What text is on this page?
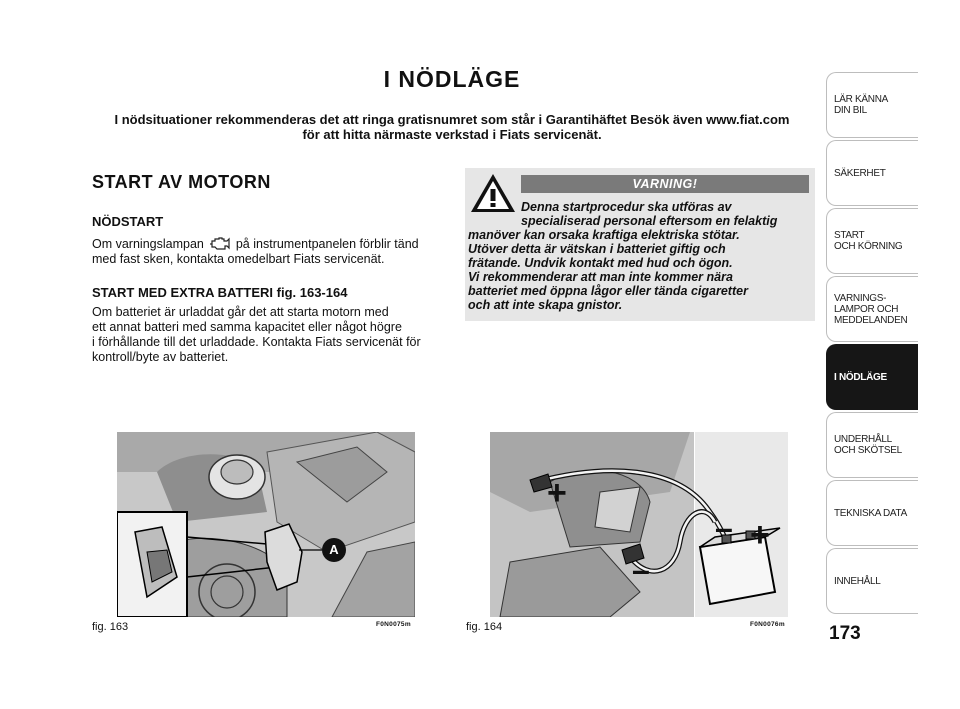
I NÖDLÄGE
I nödsituationer rekommenderas det att ringa gratisnumret som står i Garantihäftet Besök även www.fiat.com
för att hitta närmaste verkstad i Fiats servicenät.
START AV MOTORN
NÖDSTART
Om varningslampan	på instrumentpanelen förblir tänd
med fast sken, kontakta omedelbart Fiats servicenät.
START MED EXTRA BATTERI fig. 163-164
Om batteriet är urladdat går det att starta motorn med
ett annat batteri med samma kapacitet eller något högre
i förhållande till det urladdade. Kontakta Fiats servicenät för
kontroll/byte av batteriet.
VARNING!
Denna startprocedur ska utföras av
specialiserad personal eftersom en felaktig
manöver kan orsaka kraftiga elektriska stötar.
Utöver detta är vätskan i batteriet giftig och
frätande. Undvik kontakt med hud och ögon.
Vi rekommenderar att man inte kommer nära
batteriet med öppna lågor eller tända cigaretter
och att inte skapa gnistor.
A
fig. 163	F0N0075m
+
+
–
–
fig. 164	F0N0076m
LÄR KÄNNA
DIN BIL
SÄKERHET
START
OCH KÖRNING
VARNINGS-
LAMPOR OCH
MEDDELANDEN
I NÖDLÄGE
UNDERHÅLL
OCH SKÖTSEL
TEKNISKA DATA
INNEHÅLL
173
